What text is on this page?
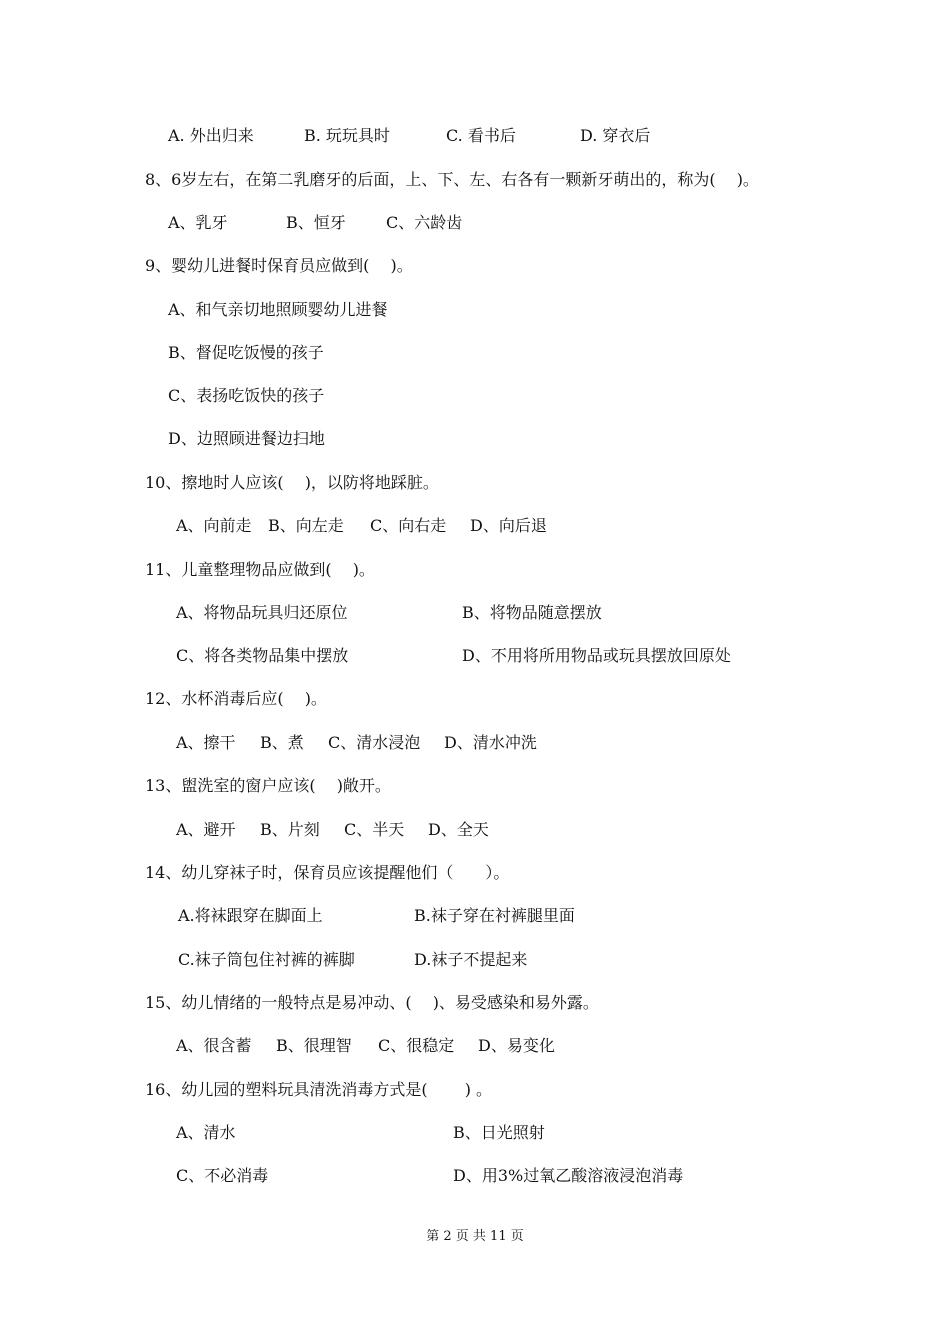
A. 外出归来	B. 玩玩具时	C. 看书后	D. 穿衣后
8、6岁左右，在第二乳磨牙的后面，上、下、左、右各有一颗新牙萌出的，称为(　 )。
A、乳牙	B、恒牙	C、六龄齿
9、婴幼儿进餐时保育员应做到(　 )。
A、和气亲切地照顾婴幼儿进餐
B、督促吃饭慢的孩子
C、表扬吃饭快的孩子
D、边照顾进餐边扫地
10、擦地时人应该(　 )，以防将地踩脏。
A、向前走 B、向左走 C、向右走 D、向后退
11、儿童整理物品应做到(　 )。
A、将物品玩具归还原位	B、将物品随意摆放
C、将各类物品集中摆放	D、不用将所用物品或玩具摆放回原处
12、水杯消毒后应(　 )。
A、擦干 B、煮 C、清水浸泡 D、清水冲洗
13、盥洗室的窗户应该(　 )敞开。
A、避开 B、片刻 C、半天 D、全天
14、幼儿穿袜子时，保育员应该提醒他们（　　）。
A.将袜跟穿在脚面上	B.袜子穿在衬裤腿里面
C.袜子筒包住衬裤的裤脚	D.袜子不提起来
15、幼儿情绪的一般特点是易冲动、(　 )、易受感染和易外露。
A、很含蓄 B、很理智 C、很稳定 D、易变化
16、幼儿园的塑料玩具清洗消毒方式是(　　 ) 。
A、清水	B、日光照射
C、不必消毒	D、用3%过氧乙酸溶液浸泡消毒
第 2 页 共 11 页
